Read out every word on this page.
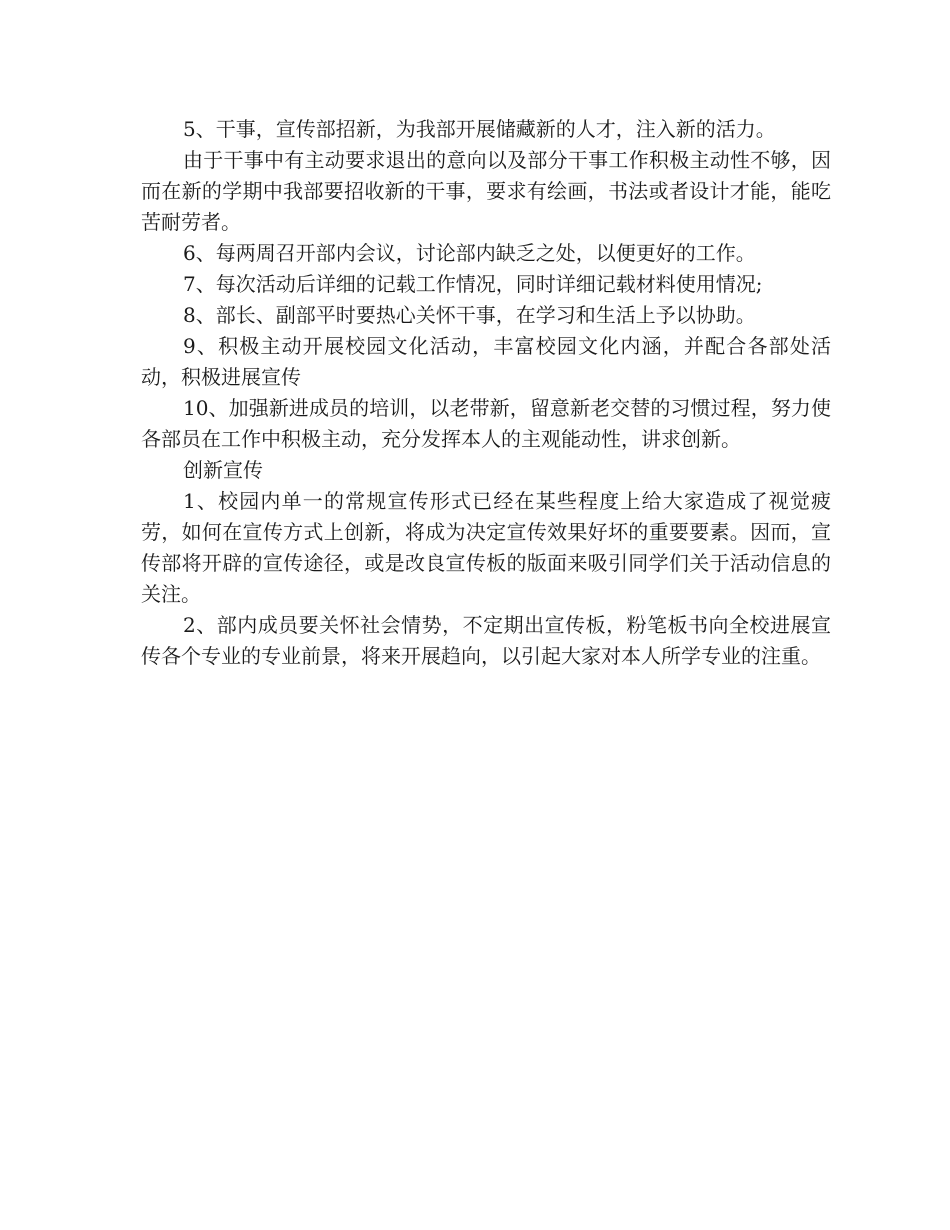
5、干事，宣传部招新，为我部开展储藏新的人才，注入新的活力。

由于干事中有主动要求退出的意向以及部分干事工作积极主动性不够，因而在新的学期中我部要招收新的干事，要求有绘画，书法或者设计才能，能吃苦耐劳者。

6、每两周召开部内会议，讨论部内缺乏之处，以便更好的工作。

7、每次活动后详细的记载工作情况，同时详细记载材料使用情况;

8、部长、副部平时要热心关怀干事，在学习和生活上予以协助。

9、积极主动开展校园文化活动，丰富校园文化内涵，并配合各部处活动，积极进展宣传

10、加强新进成员的培训，以老带新，留意新老交替的习惯过程，努力使各部员在工作中积极主动，充分发挥本人的主观能动性，讲求创新。

创新宣传

1、校园内单一的常规宣传形式已经在某些程度上给大家造成了视觉疲劳，如何在宣传方式上创新，将成为决定宣传效果好坏的重要要素。因而，宣传部将开辟的宣传途径，或是改良宣传板的版面来吸引同学们关于活动信息的关注。

2、部内成员要关怀社会情势，不定期出宣传板，粉笔板书向全校进展宣传各个专业的专业前景，将来开展趋向，以引起大家对本人所学专业的注重。
